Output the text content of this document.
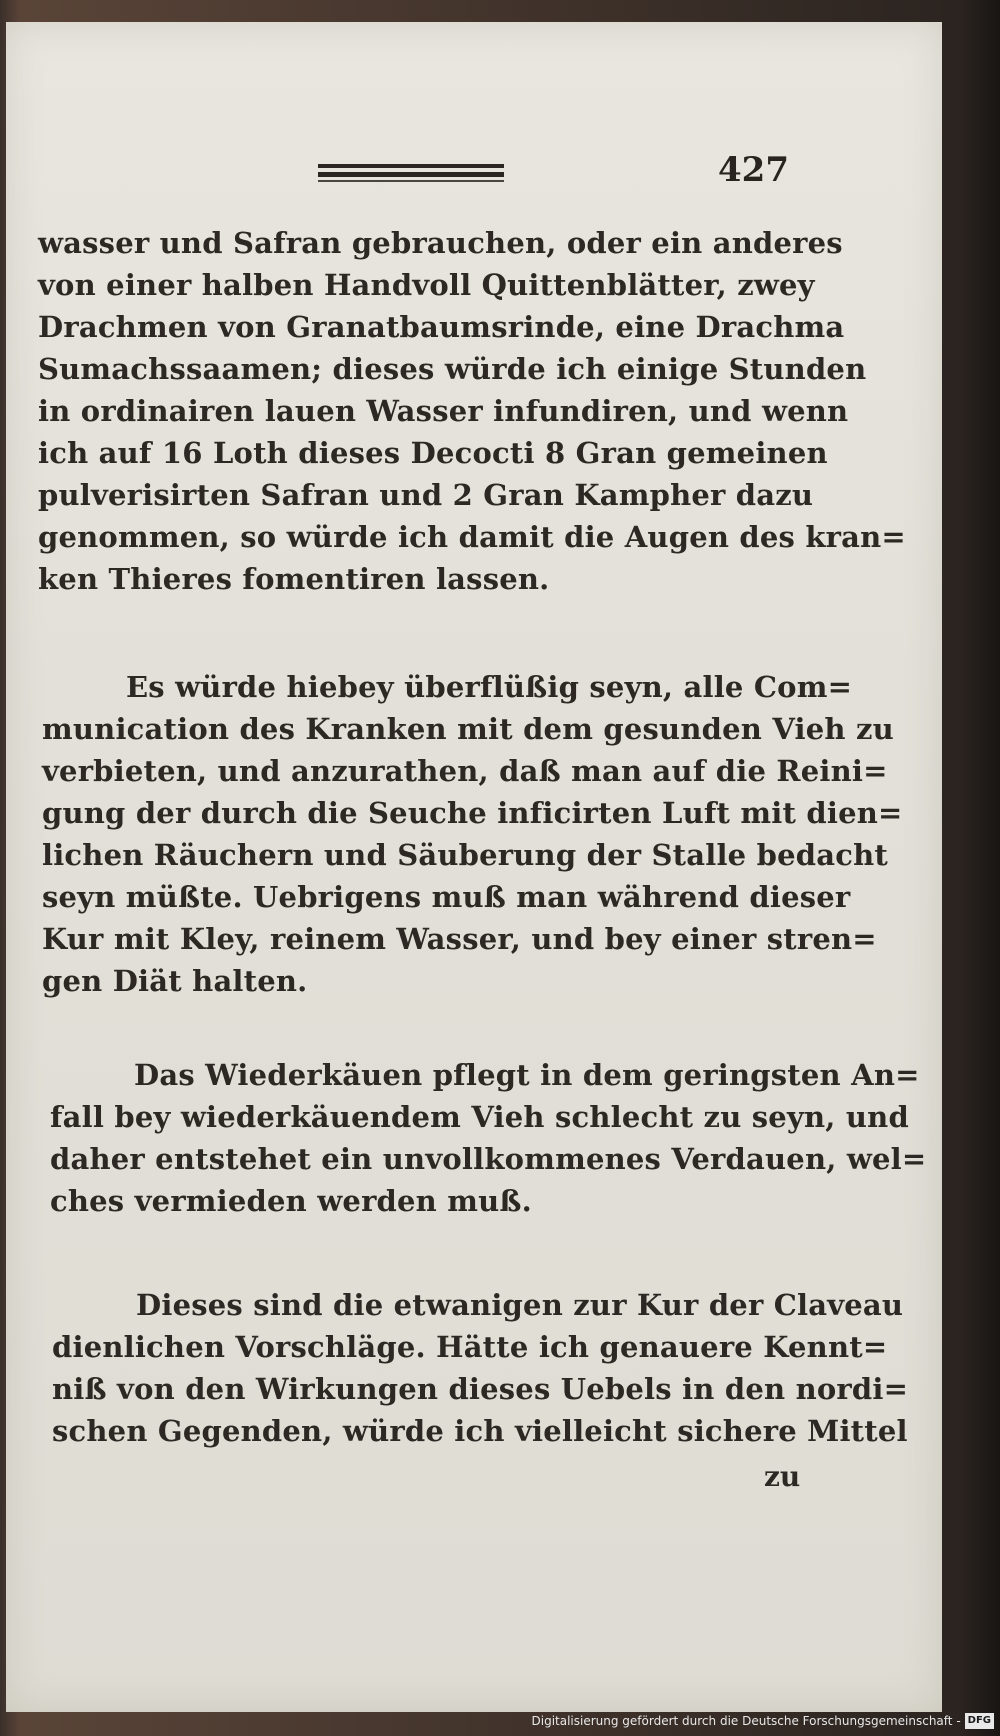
427
wasser und Safran gebrauchen, oder ein anderes
von einer halben Handvoll Quittenblätter, zwey
Drachmen von Granatbaumsrinde, eine Drachma
Sumachssaamen; dieses würde ich einige Stunden
in ordinairen lauen Wasser infundiren, und wenn
ich auf 16 Loth dieses Decocti 8 Gran gemeinen
pulverisirten Safran und 2 Gran Kampher dazu
genommen, so würde ich damit die Augen des kran=
ken Thieres fomentiren lassen.
Es würde hiebey überflüßig seyn, alle Com=
munication des Kranken mit dem gesunden Vieh zu
verbieten, und anzurathen, daß man auf die Reini=
gung der durch die Seuche inficirten Luft mit dien=
lichen Räuchern und Säuberung der Stalle bedacht
seyn müßte. Uebrigens muß man während dieser
Kur mit Kley, reinem Wasser, und bey einer stren=
gen Diät halten.
Das Wiederkäuen pflegt in dem geringsten An=
fall bey wiederkäuendem Vieh schlecht zu seyn, und
daher entstehet ein unvollkommenes Verdauen, wel=
ches vermieden werden muß.
Dieses sind die etwanigen zur Kur der Claveau
dienlichen Vorschläge. Hätte ich genauere Kennt=
niß von den Wirkungen dieses Uebels in den nordi=
schen Gegenden, würde ich vielleicht sichere Mittel
zu
Digitalisierung gefördert durch die Deutsche Forschungsgemeinschaft - DFG
